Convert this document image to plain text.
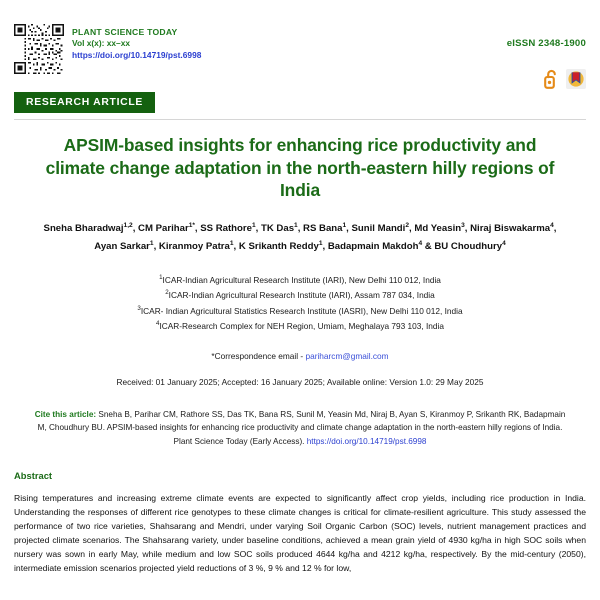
PLANT SCIENCE TODAY
Vol x(x): xx–xx
https://doi.org/10.14719/pst.6998
eISSN 2348-1900
RESEARCH ARTICLE
APSIM-based insights for enhancing rice productivity and climate change adaptation in the north-eastern hilly regions of India
Sneha Bharadwaj$^{1,2}$, CM Parihar$^{1*}$, SS Rathore$^1$, TK Das$^1$, RS Bana$^1$, Sunil Mandi$^2$, Md Yeasin$^3$, Niraj Biswakarma$^4$,
Ayan Sarkar$^1$, Kiranmoy Patra$^1$, K Srikanth Reddy$^1$, Badapmain Makdoh$^4$ & BU Choudhury$^4$
$^1$ICAR-Indian Agricultural Research Institute (IARI), New Delhi 110 012, India
$^2$ICAR-Indian Agricultural Research Institute (IARI), Assam 787 034, India
$^3$ICAR- Indian Agricultural Statistics Research Institute (IASRI), New Delhi 110 012, India
$^4$ICAR-Research Complex for NEH Region, Umiam, Meghalaya 793 103, India
*Correspondence email - pariharcm@gmail.com
Received: 01 January 2025; Accepted: 16 January 2025; Available online: Version 1.0: 29 May 2025
Cite this article: Sneha B, Parihar CM, Rathore SS, Das TK, Bana RS, Sunil M, Yeasin Md, Niraj B, Ayan S, Kiranmoy P, Srikanth RK, Badapmain M, Choudhury BU. APSIM-based insights for enhancing rice productivity and climate change adaptation in the north-eastern hilly regions of India. Plant Science Today (Early Access). https://doi.org/10.14719/pst.6998
Abstract
Rising temperatures and increasing extreme climate events are expected to significantly affect crop yields, including rice production in India. Understanding the responses of different rice genotypes to these climate changes is critical for climate-resilient agriculture. This study assessed the performance of two rice varieties, Shahsarang and Mendri, under varying Soil Organic Carbon (SOC) levels, nutrient management practices and projected climate scenarios. The Shahsarang variety, under baseline conditions, achieved a mean grain yield of 4930 kg/ha in high SOC soils when nursery was sown in early May, while medium and low SOC soils produced 4644 kg/ha and 4212 kg/ha, respectively. By the mid-century (2050), intermediate emission scenarios projected yield reductions of 3 %, 9 % and 12 % for low,
